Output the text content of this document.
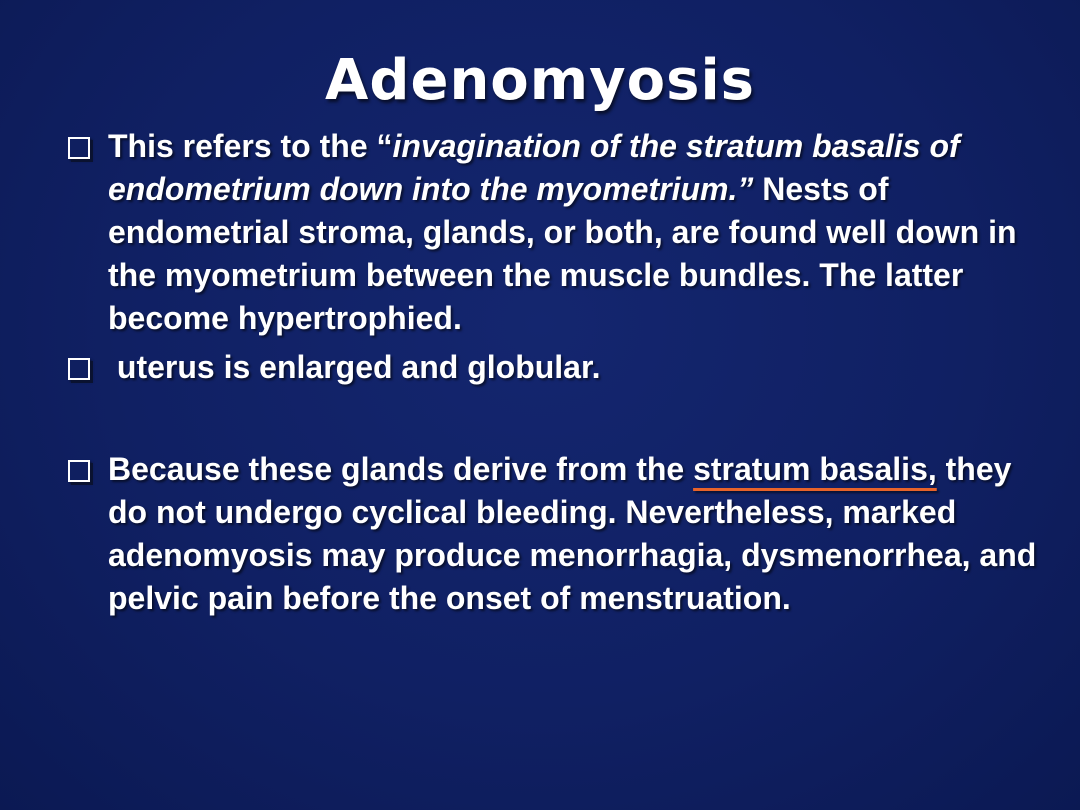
Adenomyosis
This refers to the “invagination of the stratum basalis of endometrium down into the myometrium.” Nests of endometrial stroma, glands, or both, are found well down in the myometrium between the muscle bundles. The latter become hypertrophied.
uterus is enlarged and globular.
Because these glands derive from the stratum basalis, they do not undergo cyclical bleeding. Nevertheless, marked adenomyosis may produce menorrhagia, dysmenorrhea, and pelvic pain before the onset of menstruation.
